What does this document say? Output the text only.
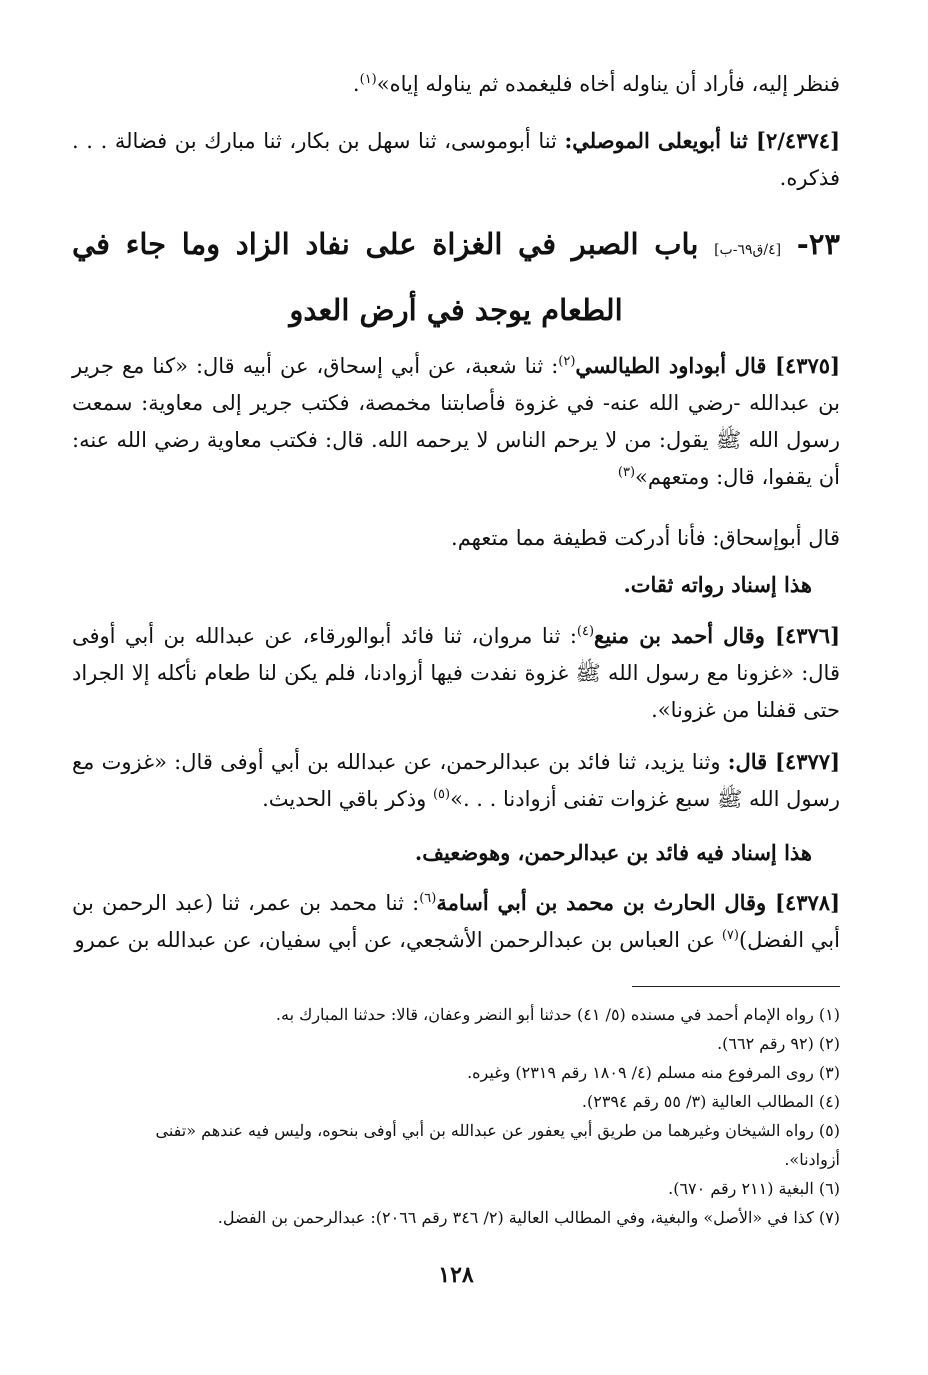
فنظر إليه، فأراد أن يناوله أخاه فليغمده ثم يناوله إياه»$^{(١)}$.

[٢/٤٣٧٤] ثنا أبويعلى الموصلي: ثنا أبوموسى، ثنا سهل بن بكار، ثنا مبارك بن فضالة . . . فذكره.

٢٣- [٤/ق٦٩-ب] باب الصبر في الغزاة على نفاد الزاد وما جاء في
الطعام يوجد في أرض العدو

[٤٣٧٥] قال أبوداود الطيالسي$^{(٢)}$: ثنا شعبة، عن أبي إسحاق، عن أبيه قال: «كنا مع جرير بن عبدالله -رضي الله عنه- في غزوة فأصابتنا مخمصة، فكتب جرير إلى معاوية: سمعت رسول الله ﷺ يقول: من لا يرحم الناس لا يرحمه الله. قال: فكتب معاوية رضي الله عنه: أن يقفوا، قال: ومتعهم»$^{(٣)}$

قال أبوإسحاق: فأنا أدركت قطيفة مما متعهم.

هذا إسناد رواته ثقات.

[٤٣٧٦] وقال أحمد بن منيع$^{(٤)}$: ثنا مروان، ثنا فائد أبوالورقاء، عن عبدالله بن أبي أوفى قال: «غزونا مع رسول الله ﷺ غزوة نفدت فيها أزوادنا، فلم يكن لنا طعام نأكله إلا الجراد حتى قفلنا من غزونا».

[٤٣٧٧] قال: وثنا يزيد، ثنا فائد بن عبدالرحمن، عن عبدالله بن أبي أوفى قال: «غزوت مع رسول الله ﷺ سبع غزوات تفنى أزوادنا . . .»$^{(٥)}$ وذكر باقي الحديث.

هذا إسناد فيه فائد بن عبدالرحمن، وهوضعيف.

[٤٣٧٨] وقال الحارث بن محمد بن أبي أسامة$^{(٦)}$: ثنا محمد بن عمر، ثنا (عبد الرحمن بن أبي الفضل)$^{(٧)}$ عن العباس بن عبدالرحمن الأشجعي، عن أبي سفيان، عن عبدالله بن عمرو

(١) رواه الإمام أحمد في مسنده (٥/ ٤١) حدثنا أبو النضر وعفان، قالا: حدثنا المبارك به.
(٢) (٩٢ رقم ٦٦٢).
(٣) روى المرفوع منه مسلم (٤/ ١٨٠٩ رقم ٢٣١٩) وغيره.
(٤) المطالب العالية (٣/ ٥٥ رقم ٢٣٩٤).
(٥) رواه الشيخان وغيرهما من طريق أبي يعفور عن عبدالله بن أبي أوفى بنحوه، وليس فيه عندهم «تفنى
أزوادنا».
(٦) البغية (٢١١ رقم ٦٧٠).
(٧) كذا في «الأصل» والبغية، وفي المطالب العالية (٢/ ٣٤٦ رقم ٢٠٦٦): عبدالرحمن بن الفضل.
١٢٨
